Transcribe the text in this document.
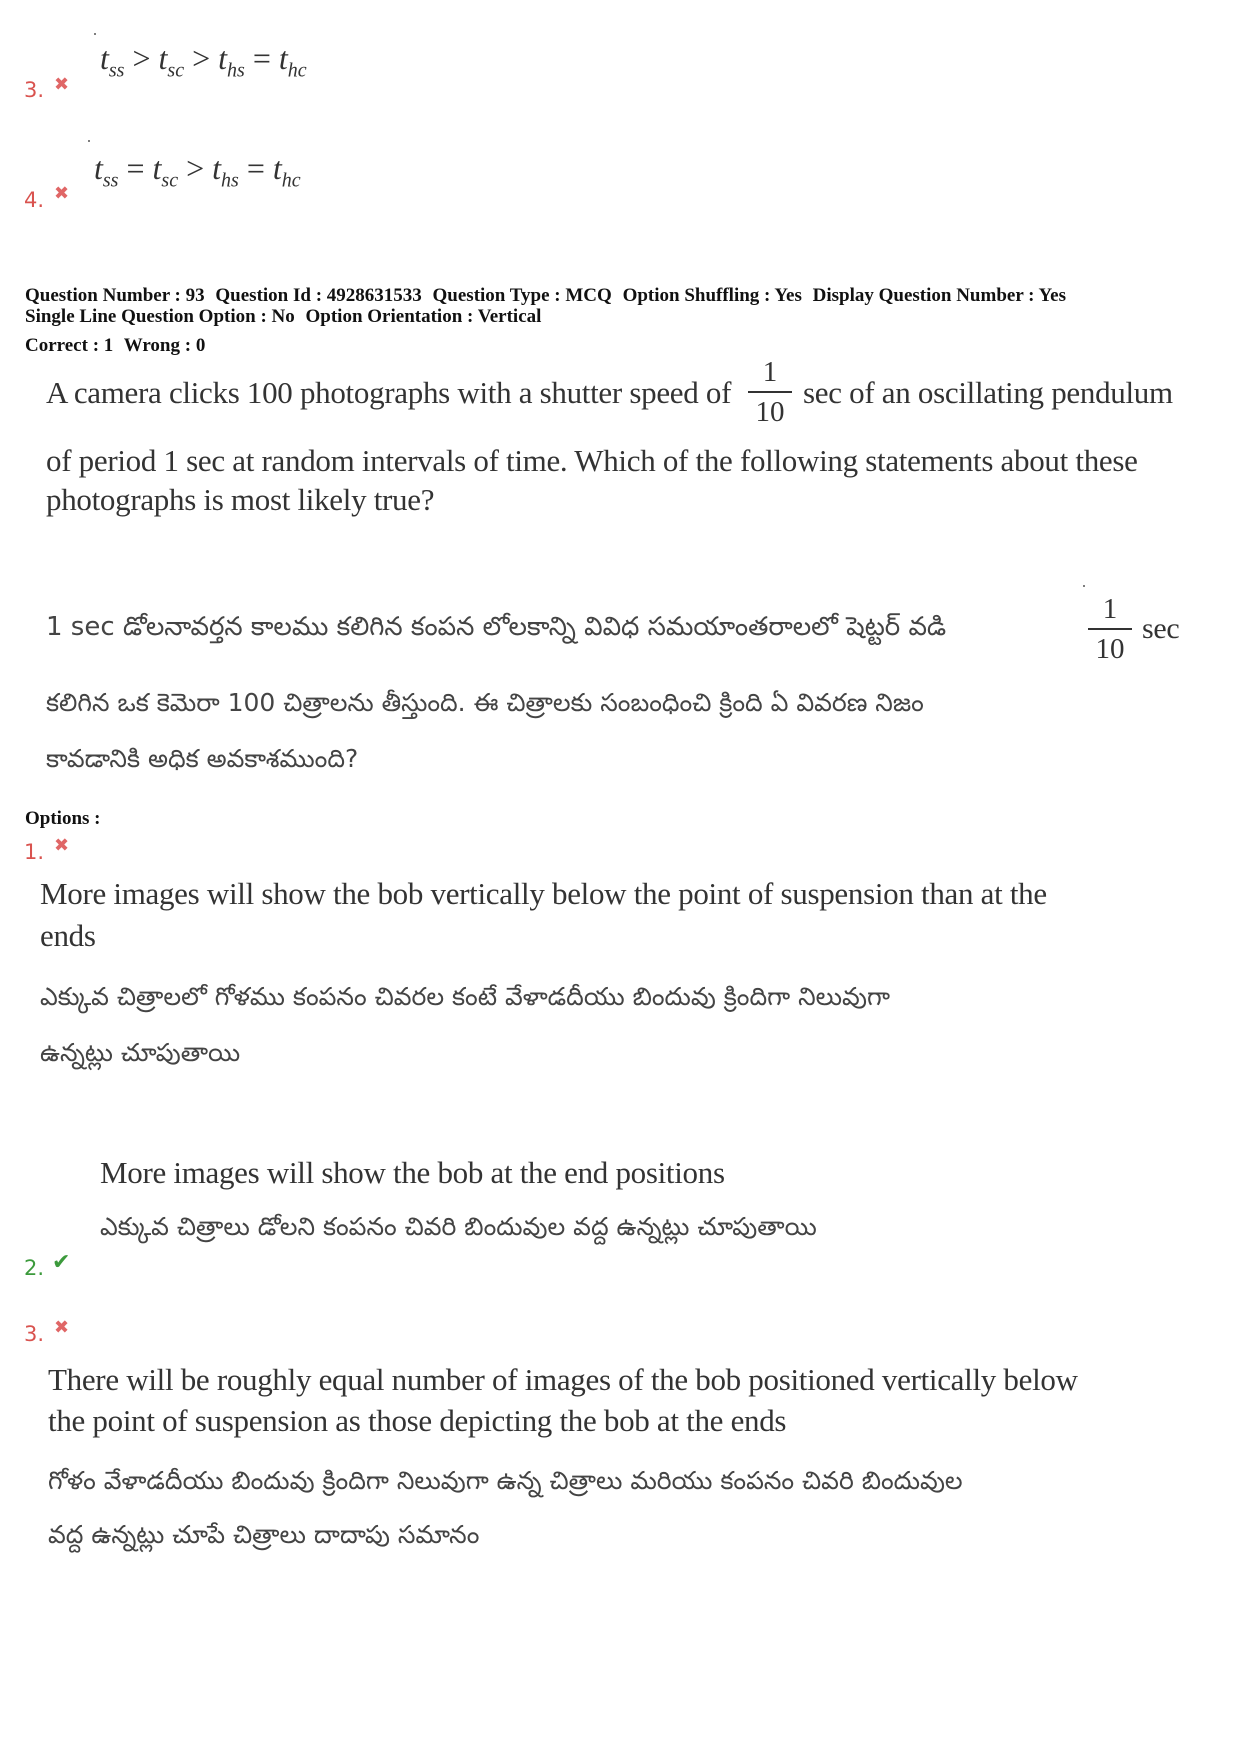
$t_{ss} > t_{sc} > t_{hs} = t_{hc}$
3. ✖
$t_{ss} = t_{sc} > t_{hs} = t_{hc}$
4. ✖
Question Number : 93 Question Id : 4928631533 Question Type : MCQ Option Shuffling : Yes Display Question Number : Yes
Single Line Question Option : No Option Orientation : Vertical
Correct : 1 Wrong : 0
A camera clicks 100 photographs with a shutter speed of
1
10
sec of an oscillating pendulum
of period 1 sec at random intervals of time. Which of the following statements about these
photographs is most likely true?
1 sec డోలనావర్తన కాలము కలిగిన కంపన లోలకాన్ని వివిధ సమయాంతరాలలో షెట్టర్ వడి
1
10
sec
కలిగిన ఒక కెమెరా 100 చిత్రాలను తీస్తుంది. ఈ చిత్రాలకు సంబంధించి క్రింది ఏ వివరణ నిజం
కావడానికి అధిక అవకాశముంది?
Options :
1. ✖
More images will show the bob vertically below the point of suspension than at the
ends
ఎక్కువ చిత్రాలలో గోళము కంపనం చివరల కంటే వేళాడదీయు బిందువు క్రిందిగా నిలువుగా
ఉన్నట్లు చూపుతాయి
More images will show the bob at the end positions
ఎక్కువ చిత్రాలు డోలని కంపనం చివరి బిందువుల వద్ద ఉన్నట్లు చూపుతాయి
2. ✔
3. ✖
There will be roughly equal number of images of the bob positioned vertically below
the point of suspension as those depicting the bob at the ends
గోళం వేళాడదీయు బిందువు క్రిందిగా నిలువుగా ఉన్న చిత్రాలు మరియు కంపనం చివరి బిందువుల
వద్ద ఉన్నట్లు చూపే చిత్రాలు దాదాపు సమానం
